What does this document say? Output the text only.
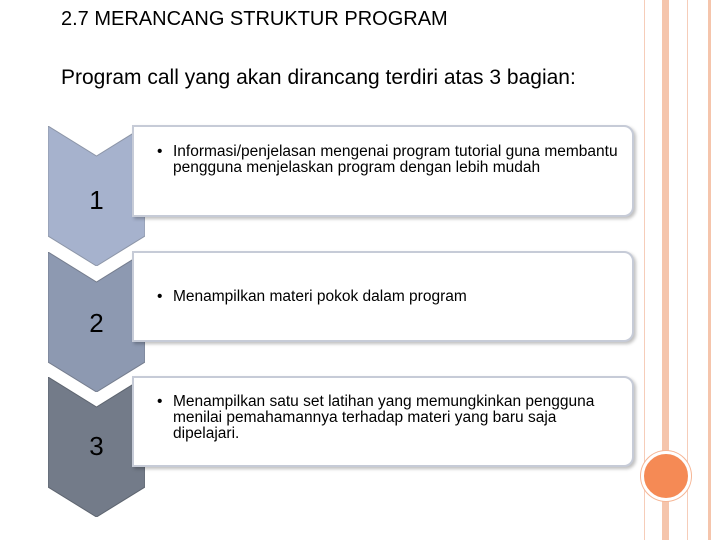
2.7 MERANCANG STRUKTUR PROGRAM
Program call yang akan dirancang terdiri atas 3 bagian:
1
• Informasi/penjelasan mengenai program tutorial guna membantu pengguna menjelaskan program dengan lebih mudah
2
• Menampilkan materi pokok dalam program
3
• Menampilkan satu set latihan yang memungkinkan pengguna menilai pemahamannya terhadap materi yang baru saja dipelajari.
